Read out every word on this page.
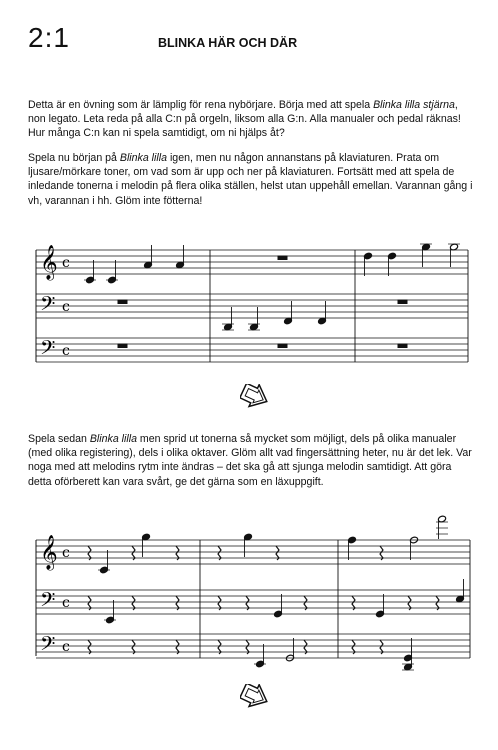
2:1	BLINKA HÄR OCH DÄR
Detta är en övning som är lämplig för rena nybörjare. Börja med att spela Blinka lilla stjärna, non legato. Leta reda på alla C:n på orgeln, liksom alla G:n. Alla manualer och pedal räknas! Hur många C:n kan ni spela samtidigt, om ni hjälps åt?
Spela nu början på Blinka lilla igen, men nu någon annanstans på klaviaturen. Prata om ljusare/mörkare toner, om vad som är upp och ner på klaviaturen. Fortsätt med att spela de inledande tonerna i melodin på flera olika ställen, helst utan uppehåll emellan. Varannan gång i vh, varannan i hh. Glöm inte fötterna!
𝄞
𝄢
𝄢
c
c
c
Spela sedan Blinka lilla men sprid ut tonerna så mycket som möjligt, dels på olika manualer (med olika registering), dels i olika oktaver. Glöm allt vad fingersättning heter, nu är det lek. Var noga med att melodins rytm inte ändras – det ska gå att sjunga melodin samtidigt. Att göra detta oförberett kan vara svårt, ge det gärna som en läxuppgift.
𝄞
𝄢
𝄢
c
c
c
